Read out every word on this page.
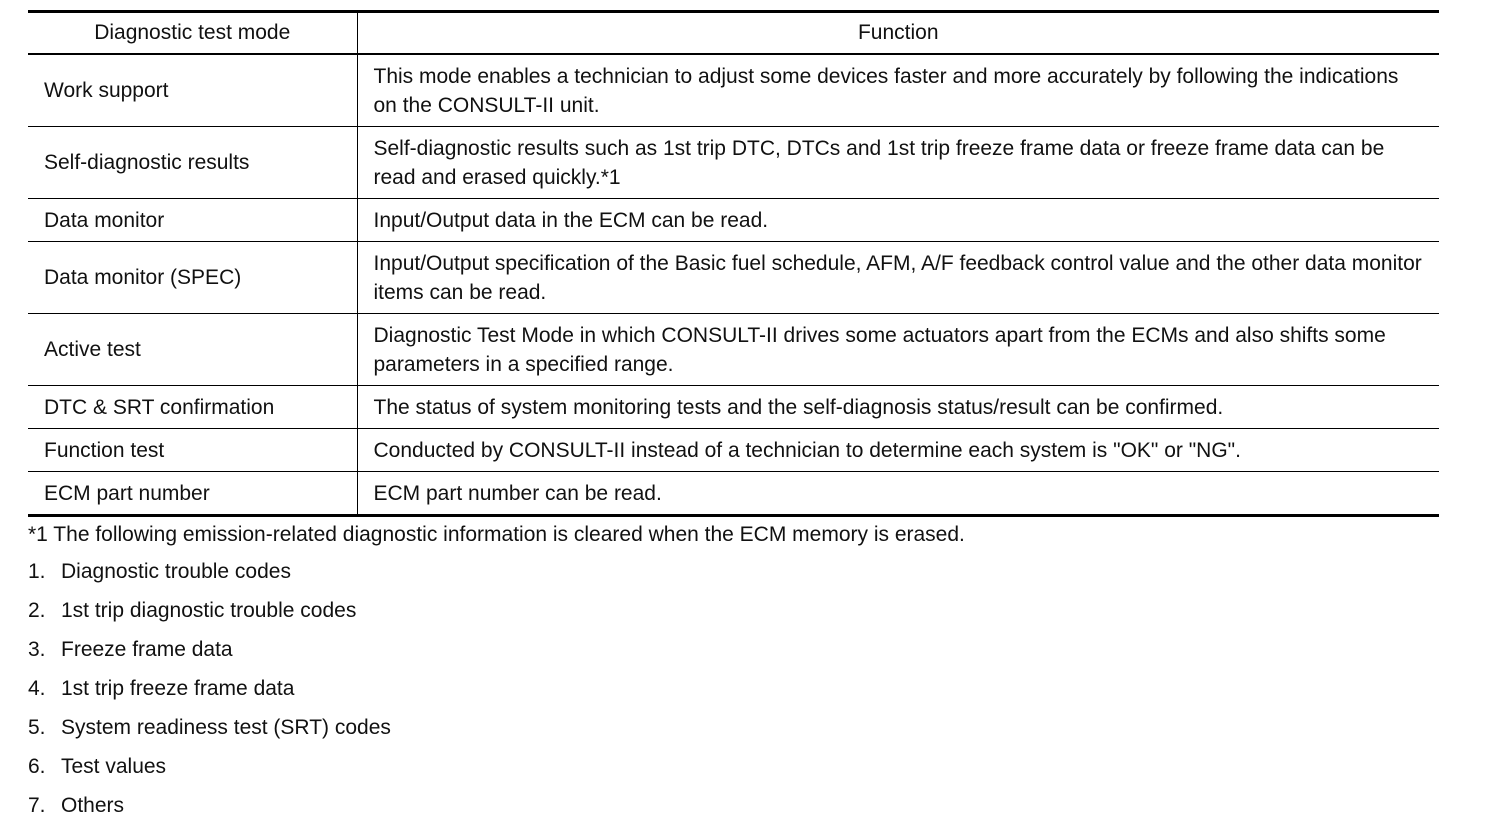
Diagnostic test mode	Function
Work support	This mode enables a technician to adjust some devices faster and more accurately by following the indications on the CONSULT-II unit.
Self-diagnostic results	Self-diagnostic results such as 1st trip DTC, DTCs and 1st trip freeze frame data or freeze frame data can be read and erased quickly.*1
Data monitor	Input/Output data in the ECM can be read.
Data monitor (SPEC)	Input/Output specification of the Basic fuel schedule, AFM, A/F feedback control value and the other data monitor items can be read.
Active test	Diagnostic Test Mode in which CONSULT-II drives some actuators apart from the ECMs and also shifts some parameters in a specified range.
DTC & SRT confirmation	The status of system monitoring tests and the self-diagnosis status/result can be confirmed.
Function test	Conducted by CONSULT-II instead of a technician to determine each system is "OK" or "NG".
ECM part number	ECM part number can be read.
*1 The following emission-related diagnostic information is cleared when the ECM memory is erased.
1. Diagnostic trouble codes
2. 1st trip diagnostic trouble codes
3. Freeze frame data
4. 1st trip freeze frame data
5. System readiness test (SRT) codes
6. Test values
7. Others
